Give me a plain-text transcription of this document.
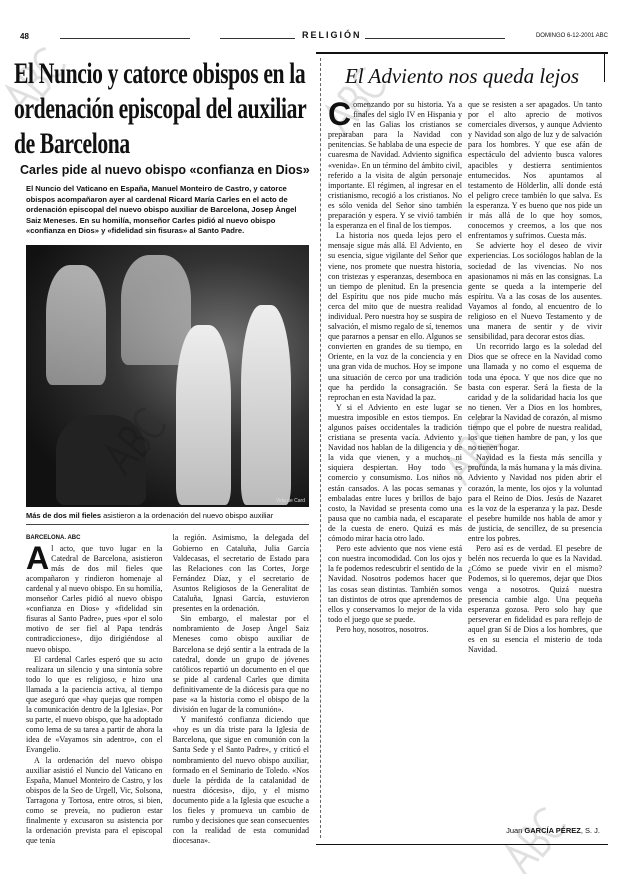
48	RELIGIÓN	DOMINGO 6-12-2001 ABC
El Nuncio y catorce obispos en la ordenación episcopal del auxiliar de Barcelona
Carles pide al nuevo obispo «confianza en Dios»
El Nuncio del Vaticano en España, Manuel Monteiro de Castro, y catorce obispos acompañaron ayer al cardenal Ricard María Carles en el acto de ordenación episcopal del nuevo obispo auxiliar de Barcelona, Josep Àngel Saiz Meneses. En su homilía, monseñor Carles pidió al nuevo obispo «confianza en Dios» y «fidelidad sin fisuras» al Santo Padre.
Vida de Card
Más de dos mil fieles asistieron a la ordenación del nuevo obispo auxiliar
BARCELONA. ABC
A l acto, que tuvo lugar en la Catedral de Barcelona, asistieron más de dos mil fieles que acompañaron y rindieron homenaje al cardenal y al nuevo obispo. En su homilía, monseñor Carles pidió al nuevo obispo «confianza en Dios» y «fidelidad sin fisuras al Santo Padre», pues «por el solo motivo de ser fiel al Papa tendrás contradicciones», dijo dirigiéndose al nuevo obispo.

El cardenal Carles esperó que su acto realizara un silencio y una sintonía sobre todo lo que es religioso, e hizo una llamada a la paciencia activa, al tiempo que aseguró que «hay quejas que rompen la comunicación dentro de la Iglesia». Por su parte, el nuevo obispo, que ha adoptado como lema de su tarea a partir de ahora la idea de «Vayamos sin adentro», con el Evangelio.

A la ordenación del nuevo obispo auxiliar asistió el Nuncio del Vaticano en España, Manuel Monteiro de Castro, y los obispos de la Seo de Urgell, Vic, Solsona, Tarragona y Tortosa, entre otros, si bien, como se preveía, no pudieron estar finalmente y excusaron su asistencia por la ordenación prevista para el episcopal que tenía

la región. Asimismo, la delegada del Gobierno en Cataluña, Julia García Valdecasas, el secretario de Estado para las Relaciones con las Cortes, Jorge Fernández Díaz, y el secretario de Asuntos Religiosos de la Generalitat de Cataluña, Ignasi García, estuvieron presentes en la ordenación.

Sin embargo, el malestar por el nombramiento de Josep Àngel Saiz Meneses como obispo auxiliar de Barcelona se dejó sentir a la entrada de la catedral, donde un grupo de jóvenes católicos repartió un documento en el que se pide al cardenal Carles que dimita definitivamente de la diócesis para que no pase «a la historia como el obispo de la división en lugar de la comunión».

Y manifestó confianza diciendo que «hoy es un día triste para la Iglesia de Barcelona, que sigue en comunión con la Santa Sede y el Santo Padre», y criticó el nombramiento del nuevo obispo auxiliar, formado en el Seminario de Toledo. «Nos duele la pérdida de la catalanidad de nuestra diócesis», dijo, y el mismo documento pide a la Iglesia que escuche a los fieles y promueva un cambio de rumbo y decisiones que sean consecuentes con la realidad de esta comunidad diocesana».

El Adviento nos queda lejos
C omenzando por su historia. Ya a finales del siglo IV en Hispania y en las Galias los cristianos se preparaban para la Navidad con penitencias. Se hablaba de una especie de cuaresma de Navidad. Adviento significa «venida». En un término del ámbito civil, referido a la visita de algún personaje importante. El régimen, al ingresar en el cristianismo, recogió a los cristianos. No es sólo venida del Señor sino también preparación y espera. Y se vivió también la esperanza en el final de los tiempos.

La historia nos queda lejos pero el mensaje sigue más allá. El Adviento, en su esencia, sigue vigilante del Señor que viene, nos promete que nuestra historia, con tristezas y esperanzas, desemboca en un tiempo de plenitud. En la presencia del Espíritu que nos pide mucho más cerca del mito que de nuestra realidad individual. Pero nuestra hoy se suspira de salvación, el mismo regalo de sí, tenemos que pararnos a pensar en ello. Algunos se convierten en grandes de su tiempo, en Oriente, en la voz de la conciencia y en una gran vida de muchos. Hoy se impone una situación de cerco por una tradición que ha perdido la consagración. Se reprochan en esta Navidad la paz.

Y si el Adviento en este lugar se muestra imposible en estos tiempos. En algunos países occidentales la tradición cristiana se presenta vacía. Adviento y Navidad nos hablan de la diligencia y de la vida que vienen, y a muchos ni siquiera despiertan. Hoy todo es comercio y consumismo. Los niños no están cansados. A las pocas semanas y embaladas entre luces y brillos de bajo costo, la Navidad se presenta como una pausa que no cambia nada, el escaparate de la cuesta de enero. Quizá es más cómodo mirar hacia otro lado.

Pero este adviento que nos viene está con nuestra incomodidad. Con los ojos y la fe podemos redescubrir el sentido de la Navidad. Nosotros podemos hacer que las cosas sean distintas. También somos tan distintos de otros que aprendemos de ellos y conservamos lo mejor de la vida todo el juego que se puede.

Pero hoy, nosotros, nosotros.

que se resisten a ser apagados. Un tanto por el alto aprecio de motivos comerciales diversos, y aunque Adviento y Navidad son algo de luz y de salvación para los hombres. Y que ese afán de espectáculo del adviento busca valores apacibles y destierra sentimientos entumecidos. Nos apuntamos al testamento de Hölderlin, allí donde está el peligro crece también lo que salva. Es la esperanza. Y es bueno que nos pide un ir más allá de lo que hoy somos, conocemos y creemos, a los que nos enfrentamos y sufrimos. Cuesta más.

Se advierte hoy el deseo de vivir experiencias. Los sociólogos hablan de la sociedad de las vivencias. No nos apasionamos ni más en las consignas. La gente se queda a la intemperie del espíritu. Va a las cosas de los ausentes. Vayamos al fondo, al encuentro de lo religioso en el Nuevo Testamento y de una manera de sentir y de vivir sensibilidad, para decorar estos días.

Un recorrido largo es la soledad del Dios que se ofrece en la Navidad como una llamada y no como el esquema de toda una época. Y que nos dice que no basta con esperar. Será la fiesta de la caridad y de la solidaridad hacia los que no tienen. Ver a Dios en los hombres, celebrar la Navidad de corazón, al mismo tiempo que el pobre de nuestra realidad, los que tienen hambre de pan, y los que no tienen hogar.

Navidad es la fiesta más sencilla y profunda, la más humana y la más divina. Adviento y Navidad nos piden abrir el corazón, la mente, los ojos y la voluntad para el Reino de Dios. Jesús de Nazaret es la voz de la esperanza y la paz. Desde el pesebre humilde nos habla de amor y de justicia, de sencillez, de su presencia entre los pobres.

Pero así es de verdad. El pesebre de belén nos recuerda lo que es la Navidad. ¿Cómo se puede vivir en el mismo? Podemos, si lo queremos, dejar que Dios venga a nosotros. Quizá nuestra presencia cambie algo. Una pequeña esperanza gozosa. Pero solo hay que perseverar en fidelidad es para reflejo de aquel gran Sí de Dios a los hombres, que es en su esencia el misterio de toda Navidad.

Juan GARCÍA PÉREZ, S. J.
